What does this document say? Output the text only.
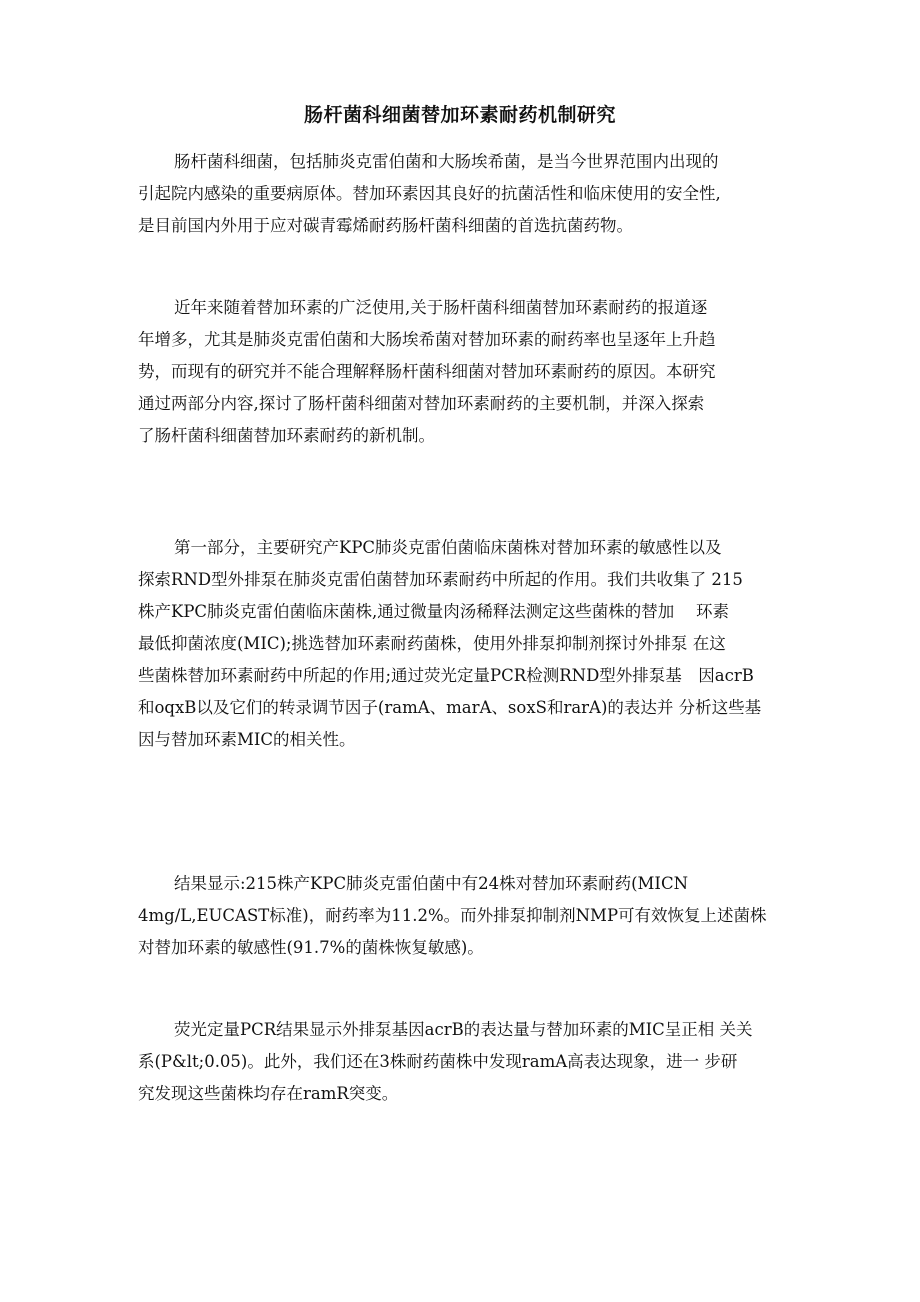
肠杆菌科细菌替加环素耐药机制研究
肠杆菌科细菌，包括肺炎克雷伯菌和大肠埃希菌，是当今世界范围内出现的
引起院内感染的重要病原体。替加环素因其良好的抗菌活性和临床使用的安全性,
是目前国内外用于应对碳青霉烯耐药肠杆菌科细菌的首选抗菌药物。
近年来随着替加环素的广泛使用,关于肠杆菌科细菌替加环素耐药的报道逐
年增多，尤其是肺炎克雷伯菌和大肠埃希菌对替加环素的耐药率也呈逐年上升趋
势，而现有的研究并不能合理解释肠杆菌科细菌对替加环素耐药的原因。本研究
通过两部分内容,探讨了肠杆菌科细菌对替加环素耐药的主要机制，并深入探索
了肠杆菌科细菌替加环素耐药的新机制。
第一部分，主要研究产KPC肺炎克雷伯菌临床菌株对替加环素的敏感性以及
探索RND型外排泵在肺炎克雷伯菌替加环素耐药中所起的作用。我们共收集了 215
株产KPC肺炎克雷伯菌临床菌株,通过微量肉汤稀释法测定这些菌株的替加　 环素
最低抑菌浓度(MIC);挑选替加环素耐药菌株，使用外排泵抑制剂探讨外排泵 在这
些菌株替加环素耐药中所起的作用;通过荧光定量PCR检测RND型外排泵基　因acrB
和oqxB以及它们的转录调节因子(ramA、marA、soxS和rarA)的表达并 分析这些基
因与替加环素MIC的相关性。
结果显示:215株产KPC肺炎克雷伯菌中有24株对替加环素耐药(MICN
4mg/L,EUCAST标准)，耐药率为11.2%。而外排泵抑制剂NMP可有效恢复上述菌株
对替加环素的敏感性(91.7%的菌株恢复敏感)。
荧光定量PCR结果显示外排泵基因acrB的表达量与替加环素的MIC呈正相 关关
系(P&lt;0.05)。此外，我们还在3株耐药菌株中发现ramA高表达现象，进一 步研
究发现这些菌株均存在ramR突变。
